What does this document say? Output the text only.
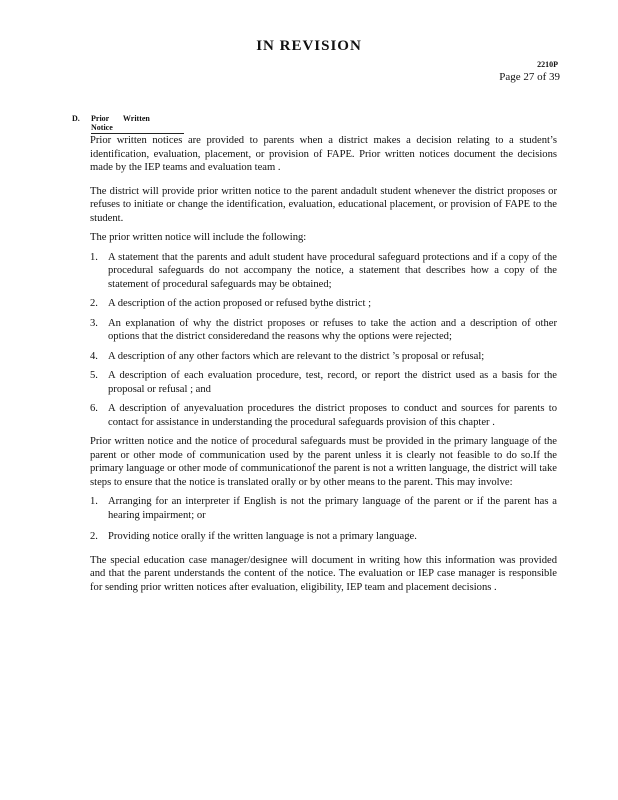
IN REVISION
2210P
Page 27 of 39
D. Prior Written Notice

Prior written notices are provided to parents when a district makes a decision relating to a student’s identification, evaluation, placement, or provision of FAPE. Prior written notices document the decisions made by the IEP teams and evaluation team .

The district will provide prior written notice to the parent andadult student whenever the district proposes or refuses to initiate or change the identification, evaluation, educational placement, or provision of FAPE to the student.

The prior written notice will include the following:

1. A statement that the parents and adult student have procedural safeguard protections and if a copy of the procedural safeguards do not accompany the notice, a statement that describes how a copy of the statement of procedural safeguards may be obtained;
2. A description of the action proposed or refused bythe district ;
3. An explanation of why the district proposes or refuses to take the action and a description of other options that the district consideredand the reasons why the options were rejected;
4. A description of any other factors which are relevant to the district ’s proposal or refusal;
5. A description of each evaluation procedure, test, record, or report the district used as a basis for the proposal or refusal ; and
6. A description of anyevaluation procedures the district proposes to conduct and sources for parents to contact for assistance in understanding the procedural safeguards provision of this chapter .

Prior written notice and the notice of procedural safeguards must be provided in the primary language of the parent or other mode of communication used by the parent unless it is clearly not feasible to do so.If the primary language or other mode of communicationof the parent is not a written language, the district will take steps to ensure that the notice is translated orally or by other means to the parent. This may involve:

1. Arranging for an interpreter if English is not the primary language of the parent or if the parent has a hearing impairment; or
2. Providing notice orally if the written language is not a primary language.

The special education case manager/designee will document in writing how this information was provided and that the parent understands the content of the notice. The evaluation or IEP case manager is responsible for sending prior written notices after evaluation, eligibility, IEP team and placement decisions .
